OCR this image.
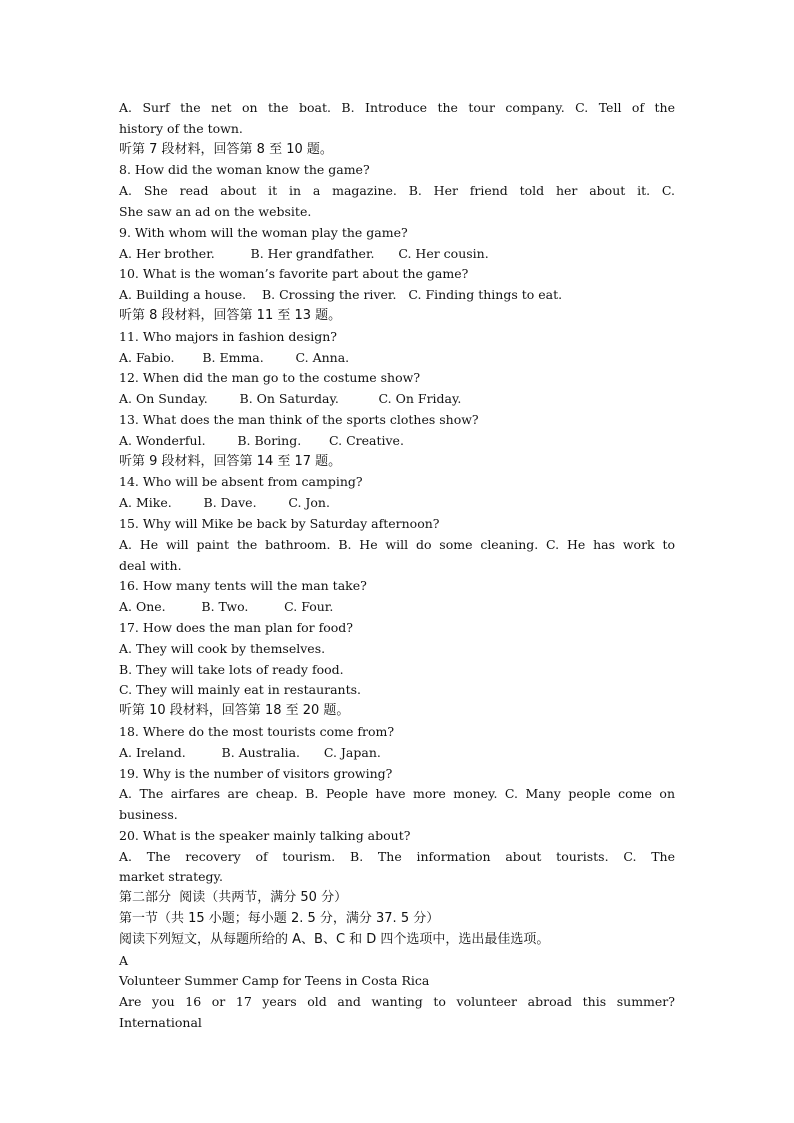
A. Surf the net on the boat. B. Introduce the tour company. C. Tell of the
history of the town.
听第 7 段材料，回答第 8 至 10 题。
8. How did the woman know the game?
A. She read about it in a magazine. B. Her friend told her about it. C.
She saw an ad on the website.
9. With whom will the woman play the game?
A. Her brother.         B. Her grandfather.      C. Her cousin.
10. What is the woman’s favorite part about the game?
A. Building a house.    B. Crossing the river.   C. Finding things to eat.
听第 8 段材料，回答第 11 至 13 题。
11. Who majors in fashion design?
A. Fabio.       B. Emma.        C. Anna.
12. When did the man go to the costume show?
A. On Sunday.        B. On Saturday.          C. On Friday.
13. What does the man think of the sports clothes show?
A. Wonderful.        B. Boring.       C. Creative.
听第 9 段材料，回答第 14 至 17 题。
14. Who will be absent from camping?
A. Mike.        B. Dave.        C. Jon.
15. Why will Mike be back by Saturday afternoon?
A. He will paint the bathroom. B. He will do some cleaning. C. He has work to
deal with.
16. How many tents will the man take?
A. One.         B. Two.         C. Four.
17. How does the man plan for food?
A. They will cook by themselves.
B. They will take lots of ready food.
C. They will mainly eat in restaurants.
听第 10 段材料，回答第 18 至 20 题。
18. Where do the most tourists come from?
A. Ireland.         B. Australia.      C. Japan.
19. Why is the number of visitors growing?
A. The airfares are cheap. B. People have more money. C. Many people come on
business.
20. What is the speaker mainly talking about?
A. The recovery of tourism. B. The information about tourists. C. The
market strategy.
第二部分  阅读（共两节，满分 50 分）
第一节（共 15 小题；每小题 2. 5 分，满分 37. 5 分）
阅读下列短文，从每题所给的 A、B、C 和 D 四个选项中，选出最佳选项。
A
Volunteer Summer Camp for Teens in Costa Rica
Are you 16 or 17 years old and wanting to volunteer abroad this summer? International
